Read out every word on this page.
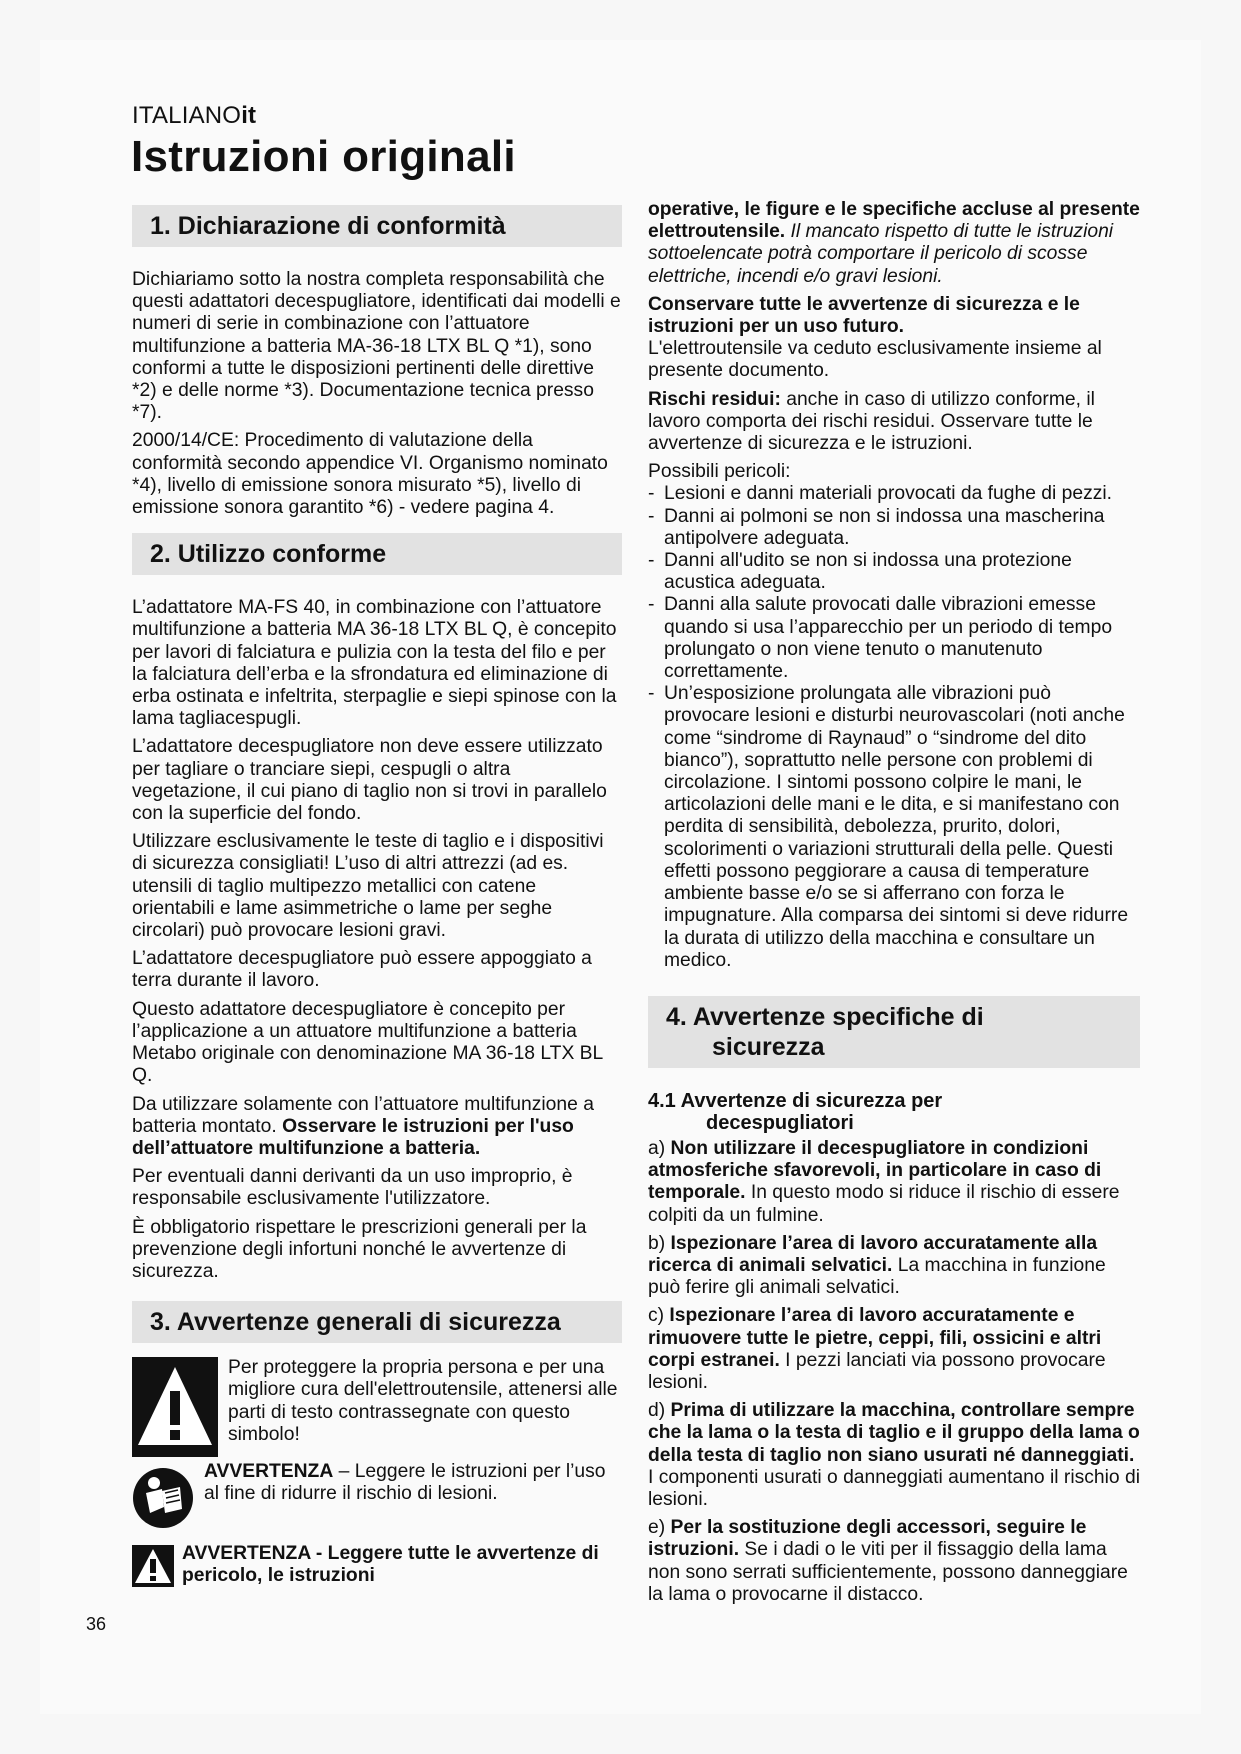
ITALIANOit
Istruzioni originali
1. Dichiarazione di conformità

Dichiariamo sotto la nostra completa responsabilità che questi adattatori decespugliatore, identificati dai modelli e numeri di serie in combinazione con l’attuatore multifunzione a batteria MA-36-18 LTX BL Q *1), sono conformi a tutte le disposizioni pertinenti delle direttive *2) e delle norme *3). Documentazione tecnica presso *7).

2000/14/CE: Procedimento di valutazione della conformità secondo appendice VI. Organismo nominato *4), livello di emissione sonora misurato *5), livello di emissione sonora garantito *6) - vedere pagina 4.

2. Utilizzo conforme

L’adattatore MA-FS 40, in combinazione con l’attuatore multifunzione a batteria MA 36-18 LTX BL Q, è concepito per lavori di falciatura e pulizia con la testa del filo e per la falciatura dell’erba e la sfrondatura ed eliminazione di erba ostinata e infeltrita, sterpaglie e siepi spinose con la lama tagliacespugli.

L’adattatore decespugliatore non deve essere utilizzato per tagliare o tranciare siepi, cespugli o altra vegetazione, il cui piano di taglio non si trovi in parallelo con la superficie del fondo.

Utilizzare esclusivamente le teste di taglio e i dispositivi di sicurezza consigliati! L’uso di altri attrezzi (ad es. utensili di taglio multipezzo metallici con catene orientabili e lame asimmetriche o lame per seghe circolari) può provocare lesioni gravi.

L’adattatore decespugliatore può essere appoggiato a terra durante il lavoro.

Questo adattatore decespugliatore è concepito per l’applicazione a un attuatore multifunzione a batteria Metabo originale con denominazione MA 36-18 LTX BL Q.

Da utilizzare solamente con l’attuatore multifunzione a batteria montato. Osservare le istruzioni per l'uso dell’attuatore multifunzione a batteria.

Per eventuali danni derivanti da un uso improprio, è responsabile esclusivamente l'utilizzatore.

È obbligatorio rispettare le prescrizioni generali per la prevenzione degli infortuni nonché le avvertenze di sicurezza.

3. Avvertenze generali di sicurezza
Per proteggere la propria persona e per una migliore cura dell'elettroutensile, attenersi alle parti di testo contrassegnate con questo simbolo!
AVVERTENZA – Leggere le istruzioni per l’uso al fine di ridurre il rischio di lesioni.
AVVERTENZA - Leggere tutte le avvertenze di pericolo, le istruzioni

operative, le figure e le specifiche accluse al presente elettroutensile. Il mancato rispetto di tutte le istruzioni sottoelencate potrà comportare il pericolo di scosse elettriche, incendi e/o gravi lesioni.

Conservare tutte le avvertenze di sicurezza e le istruzioni per un uso futuro.

L'elettroutensile va ceduto esclusivamente insieme al presente documento.

Rischi residui: anche in caso di utilizzo conforme, il lavoro comporta dei rischi residui. Osservare tutte le avvertenze di sicurezza e le istruzioni.

Possibili pericoli:

- Lesioni e danni materiali provocati da fughe di pezzi.
- Danni ai polmoni se non si indossa una mascherina antipolvere adeguata.
- Danni all'udito se non si indossa una protezione acustica adeguata.
- Danni alla salute provocati dalle vibrazioni emesse quando si usa l’apparecchio per un periodo di tempo prolungato o non viene tenuto o manutenuto correttamente.
- Un’esposizione prolungata alle vibrazioni può provocare lesioni e disturbi neurovascolari (noti anche come “sindrome di Raynaud” o “sindrome del dito bianco”), soprattutto nelle persone con problemi di circolazione. I sintomi possono colpire le mani, le articolazioni delle mani e le dita, e si manifestano con perdita di sensibilità, debolezza, prurito, dolori, scolorimenti o variazioni strutturali della pelle. Questi effetti possono peggiorare a causa di temperature ambiente basse e/o se si afferrano con forza le impugnature. Alla comparsa dei sintomi si deve ridurre la durata di utilizzo della macchina e consultare un medico.
4. Avvertenze specifiche di
sicurezza
4.1 Avvertenze di sicurezza per
decespugliatori

a) Non utilizzare il decespugliatore in condizioni atmosferiche sfavorevoli, in particolare in caso di temporale. In questo modo si riduce il rischio di essere colpiti da un fulmine.

b) Ispezionare l’area di lavoro accuratamente alla ricerca di animali selvatici. La macchina in funzione può ferire gli animali selvatici.

c) Ispezionare l’area di lavoro accuratamente e rimuovere tutte le pietre, ceppi, fili, ossicini e altri corpi estranei. I pezzi lanciati via possono provocare lesioni.

d) Prima di utilizzare la macchina, controllare sempre che la lama o la testa di taglio e il gruppo della lama o della testa di taglio non siano usurati né danneggiati. I componenti usurati o danneggiati aumentano il rischio di lesioni.

e) Per la sostituzione degli accessori, seguire le istruzioni. Se i dadi o le viti per il fissaggio della lama non sono serrati sufficientemente, possono danneggiare la lama o provocarne il distacco.

36
